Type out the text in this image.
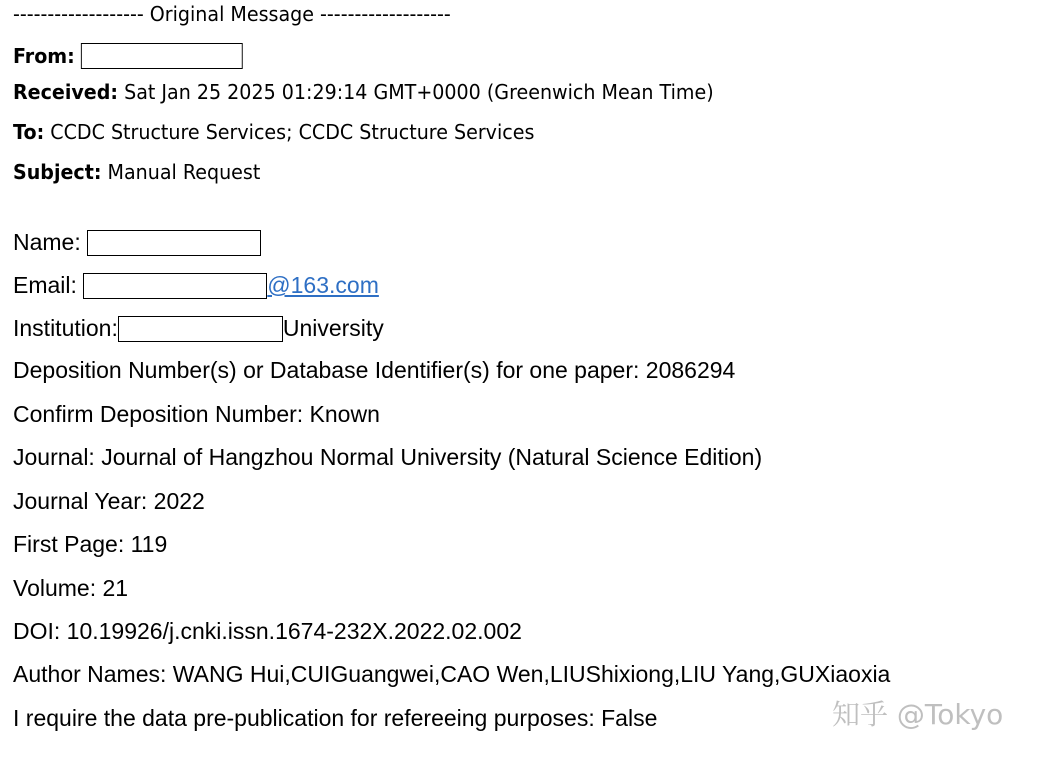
------------------- Original Message -------------------
From:
Received: Sat Jan 25 2025 01:29:14 GMT+0000 (Greenwich Mean Time)
To: CCDC Structure Services; CCDC Structure Services
Subject: Manual Request
Name:
Email:	@163.com
Institution:	University
Deposition Number(s) or Database Identifier(s) for one paper: 2086294
Confirm Deposition Number: Known
Journal: Journal of Hangzhou Normal University (Natural Science Edition)
Journal Year: 2022
First Page: 119
Volume: 21
DOI: 10.19926/j.cnki.issn.1674-232X.2022.02.002
Author Names: WANG Hui,CUIGuangwei,CAO Wen,LIUShixiong,LIU Yang,GUXiaoxia
I require the data pre-publication for refereeing purposes: False	知乎 @Tokyo
